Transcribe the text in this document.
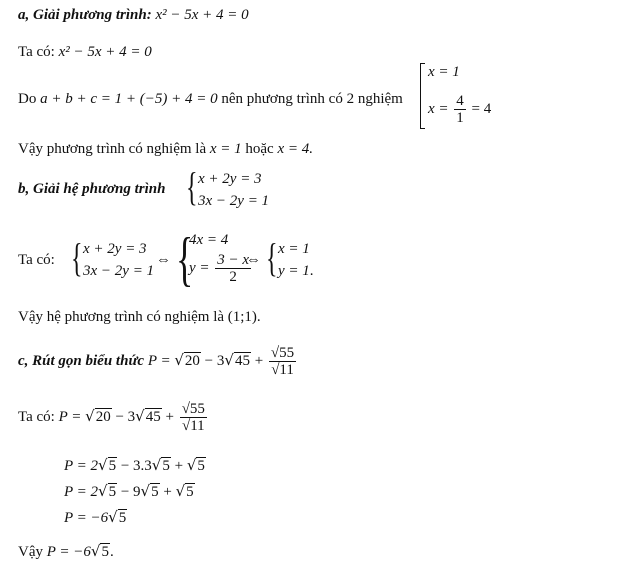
a, Giải phương trình: x² − 5x + 4 = 0
Ta có: x² − 5x + 4 = 0
Do a + b + c = 1 + (−5) + 4 = 0 nên phương trình có 2 nghiệm
x = 1
$x = \frac{4}{1} = 4$
Vậy phương trình có nghiệm là x = 1 hoặc x = 4.
b, Giải hệ phương trình { x + 2y = 3
3x − 2y = 1
Ta có: { x + 2y = 3
3x − 2y = 1
⇔ {
4x = 4
$y = \frac{3 - x}{2}$
⇔ { x = 1
y = 1.
Vậy hệ phương trình có nghiệm là (1;1).
c, Rút gọn biểu thức $P = √20 - 3√45 + \frac{√55}{√11}$
Ta có: $P = √20 - 3√45 + \frac{√55}{√11}$
P = 2√5 − 3.3√5 + √5
P = 2√5 − 9√5 + √5
P = −6√5
Vậy P = −6√5.
